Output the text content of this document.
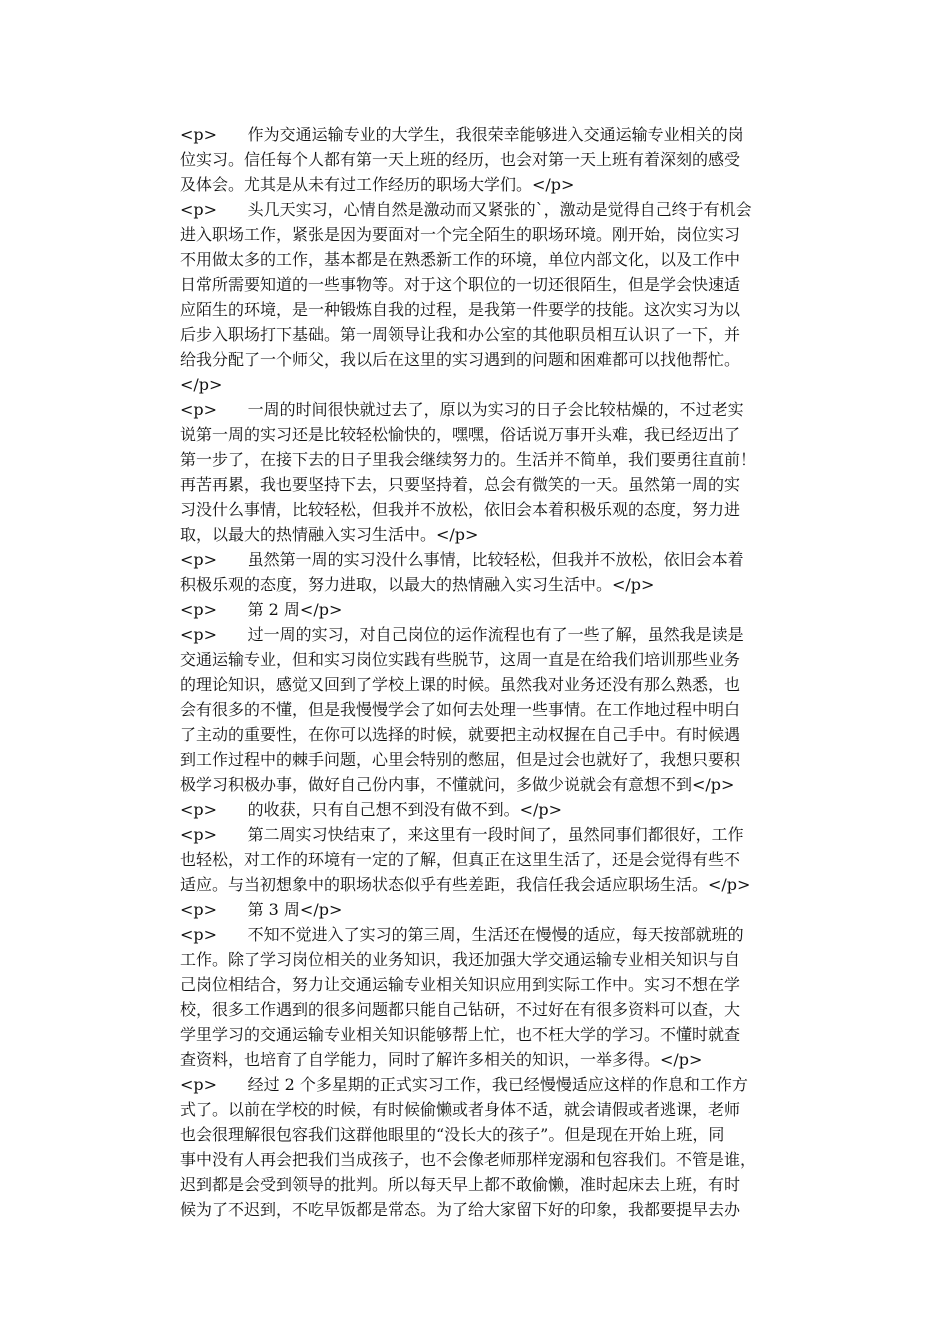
<p>      作为交通运输专业的大学生，我很荣幸能够进入交通运输专业相关的岗
位实习。信任每个人都有第一天上班的经历，也会对第一天上班有着深刻的感受
及体会。尤其是从未有过工作经历的职场大学们。</p>
<p>      头几天实习，心情自然是激动而又紧张的`，激动是觉得自己终于有机会
进入职场工作，紧张是因为要面对一个完全陌生的职场环境。刚开始，岗位实习
不用做太多的工作，基本都是在熟悉新工作的环境，单位内部文化，以及工作中
日常所需要知道的一些事物等。对于这个职位的一切还很陌生，但是学会快速适
应陌生的环境，是一种锻炼自我的过程，是我第一件要学的技能。这次实习为以
后步入职场打下基础。第一周领导让我和办公室的其他职员相互认识了一下，并
给我分配了一个师父，我以后在这里的实习遇到的问题和困难都可以找他帮忙。
</p>
<p>      一周的时间很快就过去了，原以为实习的日子会比较枯燥的，不过老实
说第一周的实习还是比较轻松愉快的，嘿嘿，俗话说万事开头难，我已经迈出了
第一步了，在接下去的日子里我会继续努力的。生活并不简单，我们要勇往直前！
再苦再累，我也要坚持下去，只要坚持着，总会有微笑的一天。虽然第一周的实
习没什么事情，比较轻松，但我并不放松，依旧会本着积极乐观的态度，努力进
取，以最大的热情融入实习生活中。</p>
<p>      虽然第一周的实习没什么事情，比较轻松，但我并不放松，依旧会本着
积极乐观的态度，努力进取，以最大的热情融入实习生活中。</p>
<p>      第 2 周</p>
<p>      过一周的实习，对自己岗位的运作流程也有了一些了解，虽然我是读是
交通运输专业，但和实习岗位实践有些脱节，这周一直是在给我们培训那些业务
的理论知识，感觉又回到了学校上课的时候。虽然我对业务还没有那么熟悉，也
会有很多的不懂，但是我慢慢学会了如何去处理一些事情。在工作地过程中明白
了主动的重要性，在你可以选择的时候，就要把主动权握在自己手中。有时候遇
到工作过程中的棘手问题，心里会特别的憋屈，但是过会也就好了，我想只要积
极学习积极办事，做好自己份内事，不懂就问，多做少说就会有意想不到</p>
<p>      的收获，只有自己想不到没有做不到。</p>
<p>      第二周实习快结束了，来这里有一段时间了，虽然同事们都很好，工作
也轻松，对工作的环境有一定的了解，但真正在这里生活了，还是会觉得有些不
适应。与当初想象中的职场状态似乎有些差距，我信任我会适应职场生活。</p>
<p>      第 3 周</p>
<p>      不知不觉进入了实习的第三周，生活还在慢慢的适应，每天按部就班的
工作。除了学习岗位相关的业务知识，我还加强大学交通运输专业相关知识与自
己岗位相结合，努力让交通运输专业相关知识应用到实际工作中。实习不想在学
校，很多工作遇到的很多问题都只能自己钻研，不过好在有很多资料可以查，大
学里学习的交通运输专业相关知识能够帮上忙，也不枉大学的学习。不懂时就查
查资料，也培育了自学能力，同时了解许多相关的知识，一举多得。</p>
<p>      经过 2 个多星期的正式实习工作，我已经慢慢适应这样的作息和工作方
式了。以前在学校的时候，有时候偷懒或者身体不适，就会请假或者逃课，老师
也会很理解很包容我们这群他眼里的“没长大的孩子”。但是现在开始上班，同
事中没有人再会把我们当成孩子，也不会像老师那样宠溺和包容我们。不管是谁，
迟到都是会受到领导的批判。所以每天早上都不敢偷懒，准时起床去上班，有时
候为了不迟到，不吃早饭都是常态。为了给大家留下好的印象，我都要提早去办
